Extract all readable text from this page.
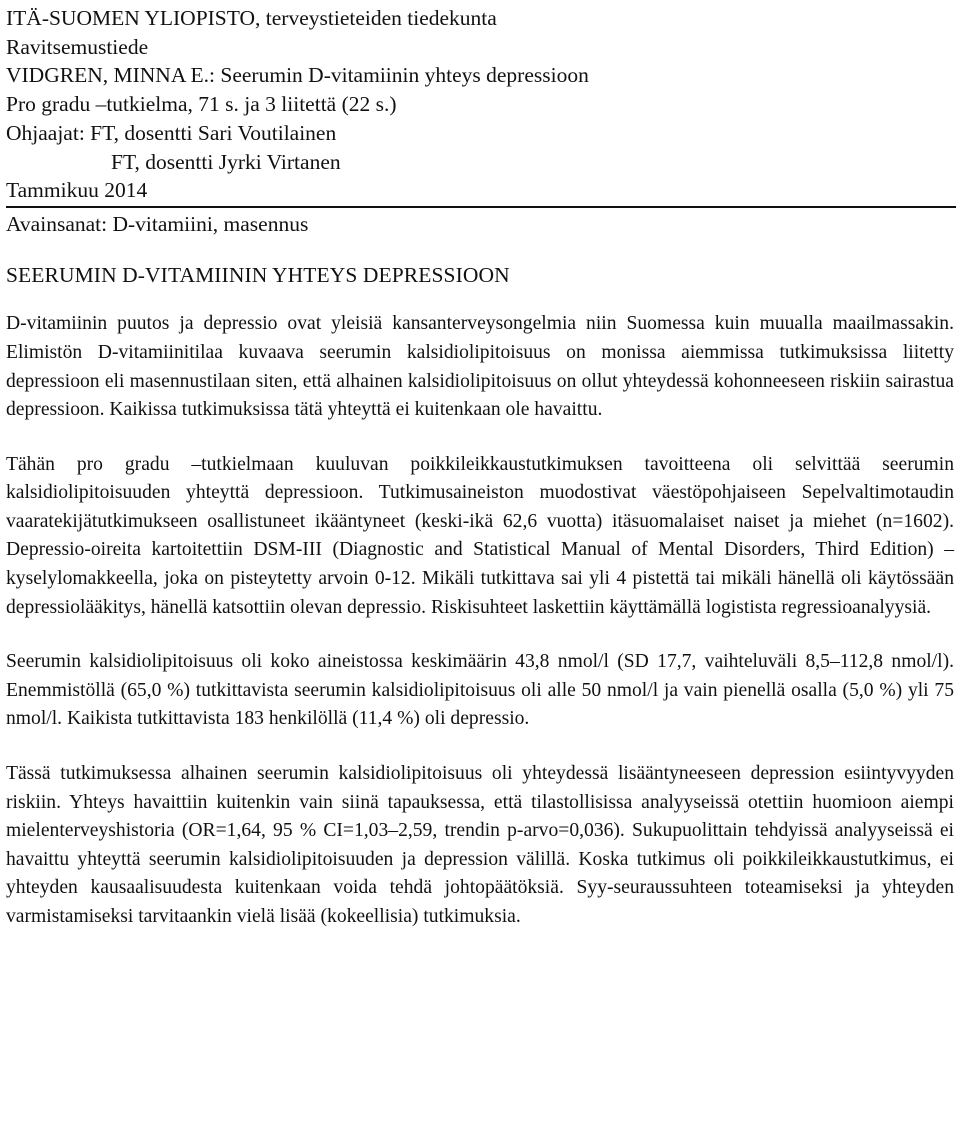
ITÄ-SUOMEN YLIOPISTO, terveystieteiden tiedekunta

Ravitsemustiede

VIDGREN, MINNA E.: Seerumin D-vitamiinin yhteys depressioon

Pro gradu –tutkielma, 71 s. ja 3 liitettä (22 s.)

Ohjaajat: FT, dosentti Sari Voutilainen

FT, dosentti Jyrki Virtanen

Tammikuu 2014

Avainsanat: D-vitamiini, masennus

SEERUMIN D-VITAMIININ YHTEYS DEPRESSIOON

D-vitamiinin puutos ja depressio ovat yleisiä kansanterveysongelmia niin Suomessa kuin muualla maailmassakin. Elimistön D-vitamiinitilaa kuvaava seerumin kalsidiolipitoisuus on monissa aiemmissa tutkimuksissa liitetty depressioon eli masennustilaan siten, että alhainen kalsidiolipitoisuus on ollut yhteydessä kohonneeseen riskiin sairastua depressioon. Kaikissa tutkimuksissa tätä yhteyttä ei kuitenkaan ole havaittu.

Tähän pro gradu –tutkielmaan kuuluvan poikkileikkaustutkimuksen tavoitteena oli selvittää seerumin kalsidiolipitoisuuden yhteyttä depressioon. Tutkimusaineiston muodostivat väestöpohjaiseen Sepelvaltimotaudin vaaratekijätutkimukseen osallistuneet ikääntyneet (keski-ikä 62,6 vuotta) itäsuomalaiset naiset ja miehet (n=1602). Depressio-oireita kartoitettiin DSM-III (Diagnostic and Statistical Manual of Mental Disorders, Third Edition) –kyselylomakkeella, joka on pisteytetty arvoin 0-12. Mikäli tutkittava sai yli 4 pistettä tai mikäli hänellä oli käytössään depressiolääkitys, hänellä katsottiin olevan depressio. Riskisuhteet laskettiin käyttämällä logistista regressioanalyysiä.

Seerumin kalsidiolipitoisuus oli koko aineistossa keskimäärin 43,8 nmol/l (SD 17,7, vaihteluväli 8,5–112,8 nmol/l). Enemmistöllä (65,0 %) tutkittavista seerumin kalsidiolipitoisuus oli alle 50 nmol/l ja vain pienellä osalla (5,0 %) yli 75 nmol/l. Kaikista tutkittavista 183 henkilöllä (11,4 %) oli depressio.

Tässä tutkimuksessa alhainen seerumin kalsidiolipitoisuus oli yhteydessä lisääntyneeseen depression esiintyvyyden riskiin. Yhteys havaittiin kuitenkin vain siinä tapauksessa, että tilastollisissa analyyseissä otettiin huomioon aiempi mielenterveyshistoria (OR=1,64, 95 % CI=1,03–2,59, trendin p-arvo=0,036). Sukupuolittain tehdyissä analyyseissä ei havaittu yhteyttä seerumin kalsidiolipitoisuuden ja depression välillä. Koska tutkimus oli poikkileikkaustutkimus, ei yhteyden kausaalisuudesta kuitenkaan voida tehdä johtopäätöksiä. Syy-seuraussuhteen toteamiseksi ja yhteyden varmistamiseksi tarvitaankin vielä lisää (kokeellisia) tutkimuksia.
